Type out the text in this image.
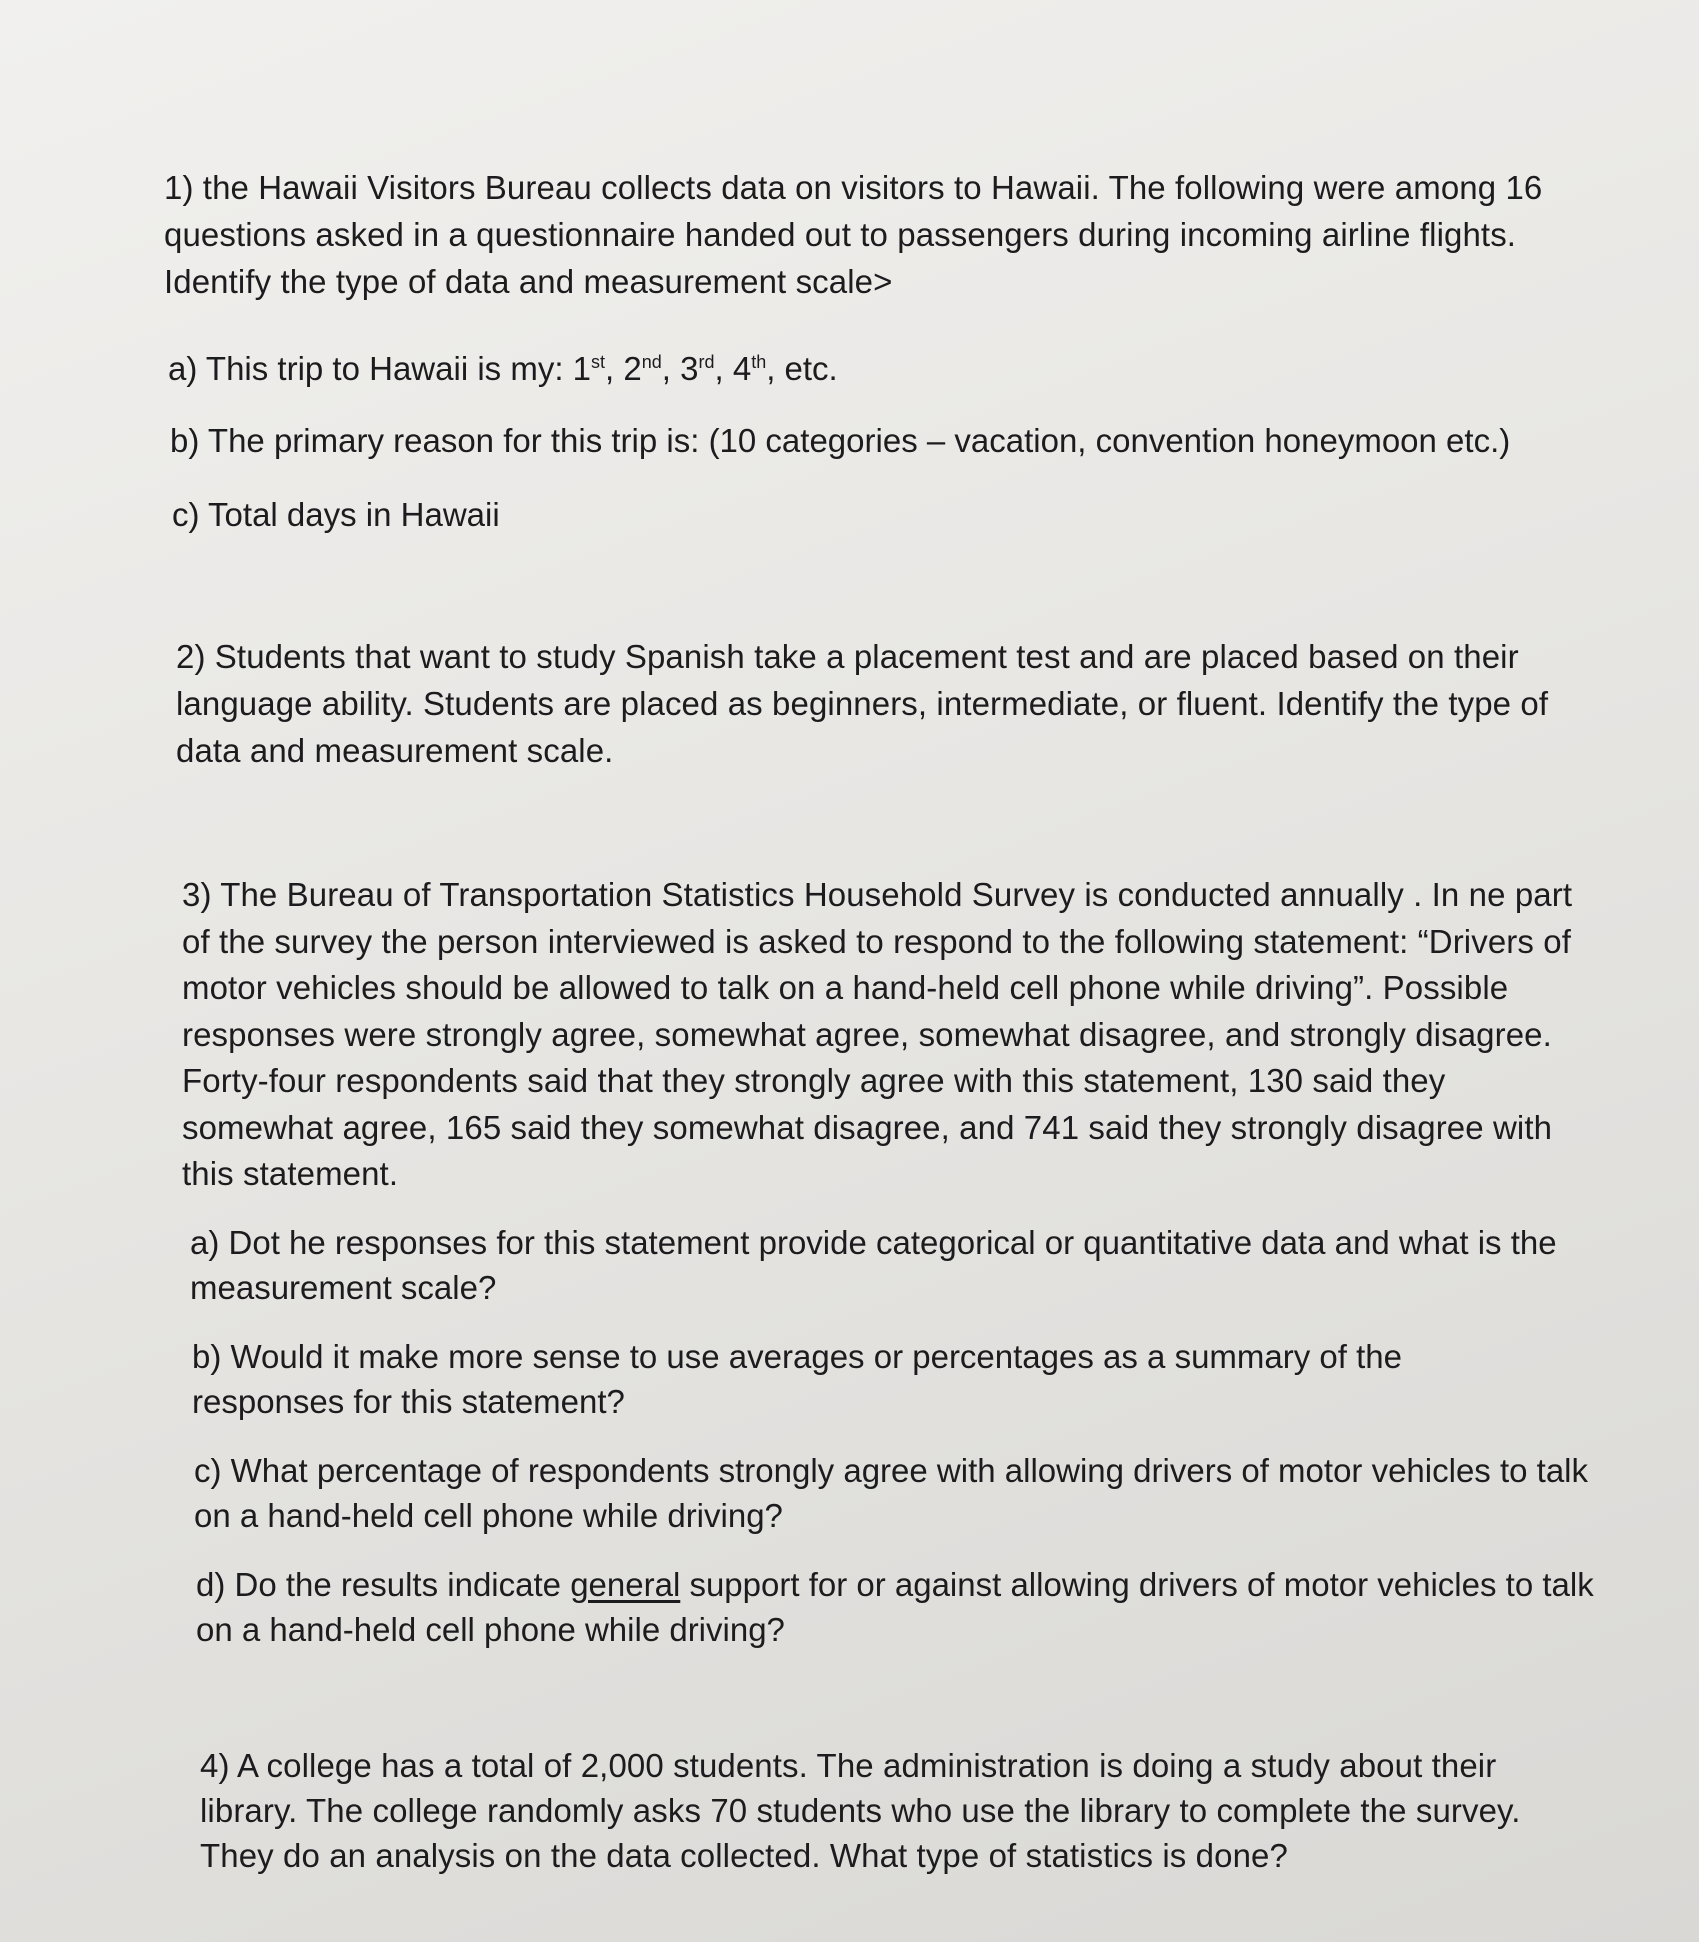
1) the Hawaii Visitors Bureau collects data on visitors to Hawaii. The following were among 16 questions asked in a questionnaire handed out to passengers during incoming airline flights. Identify the type of data and measurement scale>

a) This trip to Hawaii is my: 1st, 2nd, 3rd, 4th, etc.
b) The primary reason for this trip is: (10 categories – vacation, convention honeymoon etc.)
c) Total days in Hawaii

2) Students that want to study Spanish take a placement test and are placed based on their language ability. Students are placed as beginners, intermediate, or fluent. Identify the type of data and measurement scale.

3) The Bureau of Transportation Statistics Household Survey is conducted annually . In ne part of the survey the person interviewed is asked to respond to the following statement: “Drivers of motor vehicles should be allowed to talk on a hand-held cell phone while driving”. Possible responses were strongly agree, somewhat agree, somewhat disagree, and strongly disagree. Forty-four respondents said that they strongly agree with this statement, 130 said they somewhat agree, 165 said they somewhat disagree, and 741 said they strongly disagree with this statement.

a) Dot he responses for this statement provide categorical or quantitative data and what is the measurement scale?
b) Would it make more sense to use averages or percentages as a summary of the responses for this statement?
c) What percentage of respondents strongly agree with allowing drivers of motor vehicles to talk on a hand-held cell phone while driving?
d) Do the results indicate general support for or against allowing drivers of motor vehicles to talk on a hand-held cell phone while driving?

4) A college has a total of 2,000 students. The administration is doing a study about their library. The college randomly asks 70 students who use the library to complete the survey. They do an analysis on the data collected. What type of statistics is done?
